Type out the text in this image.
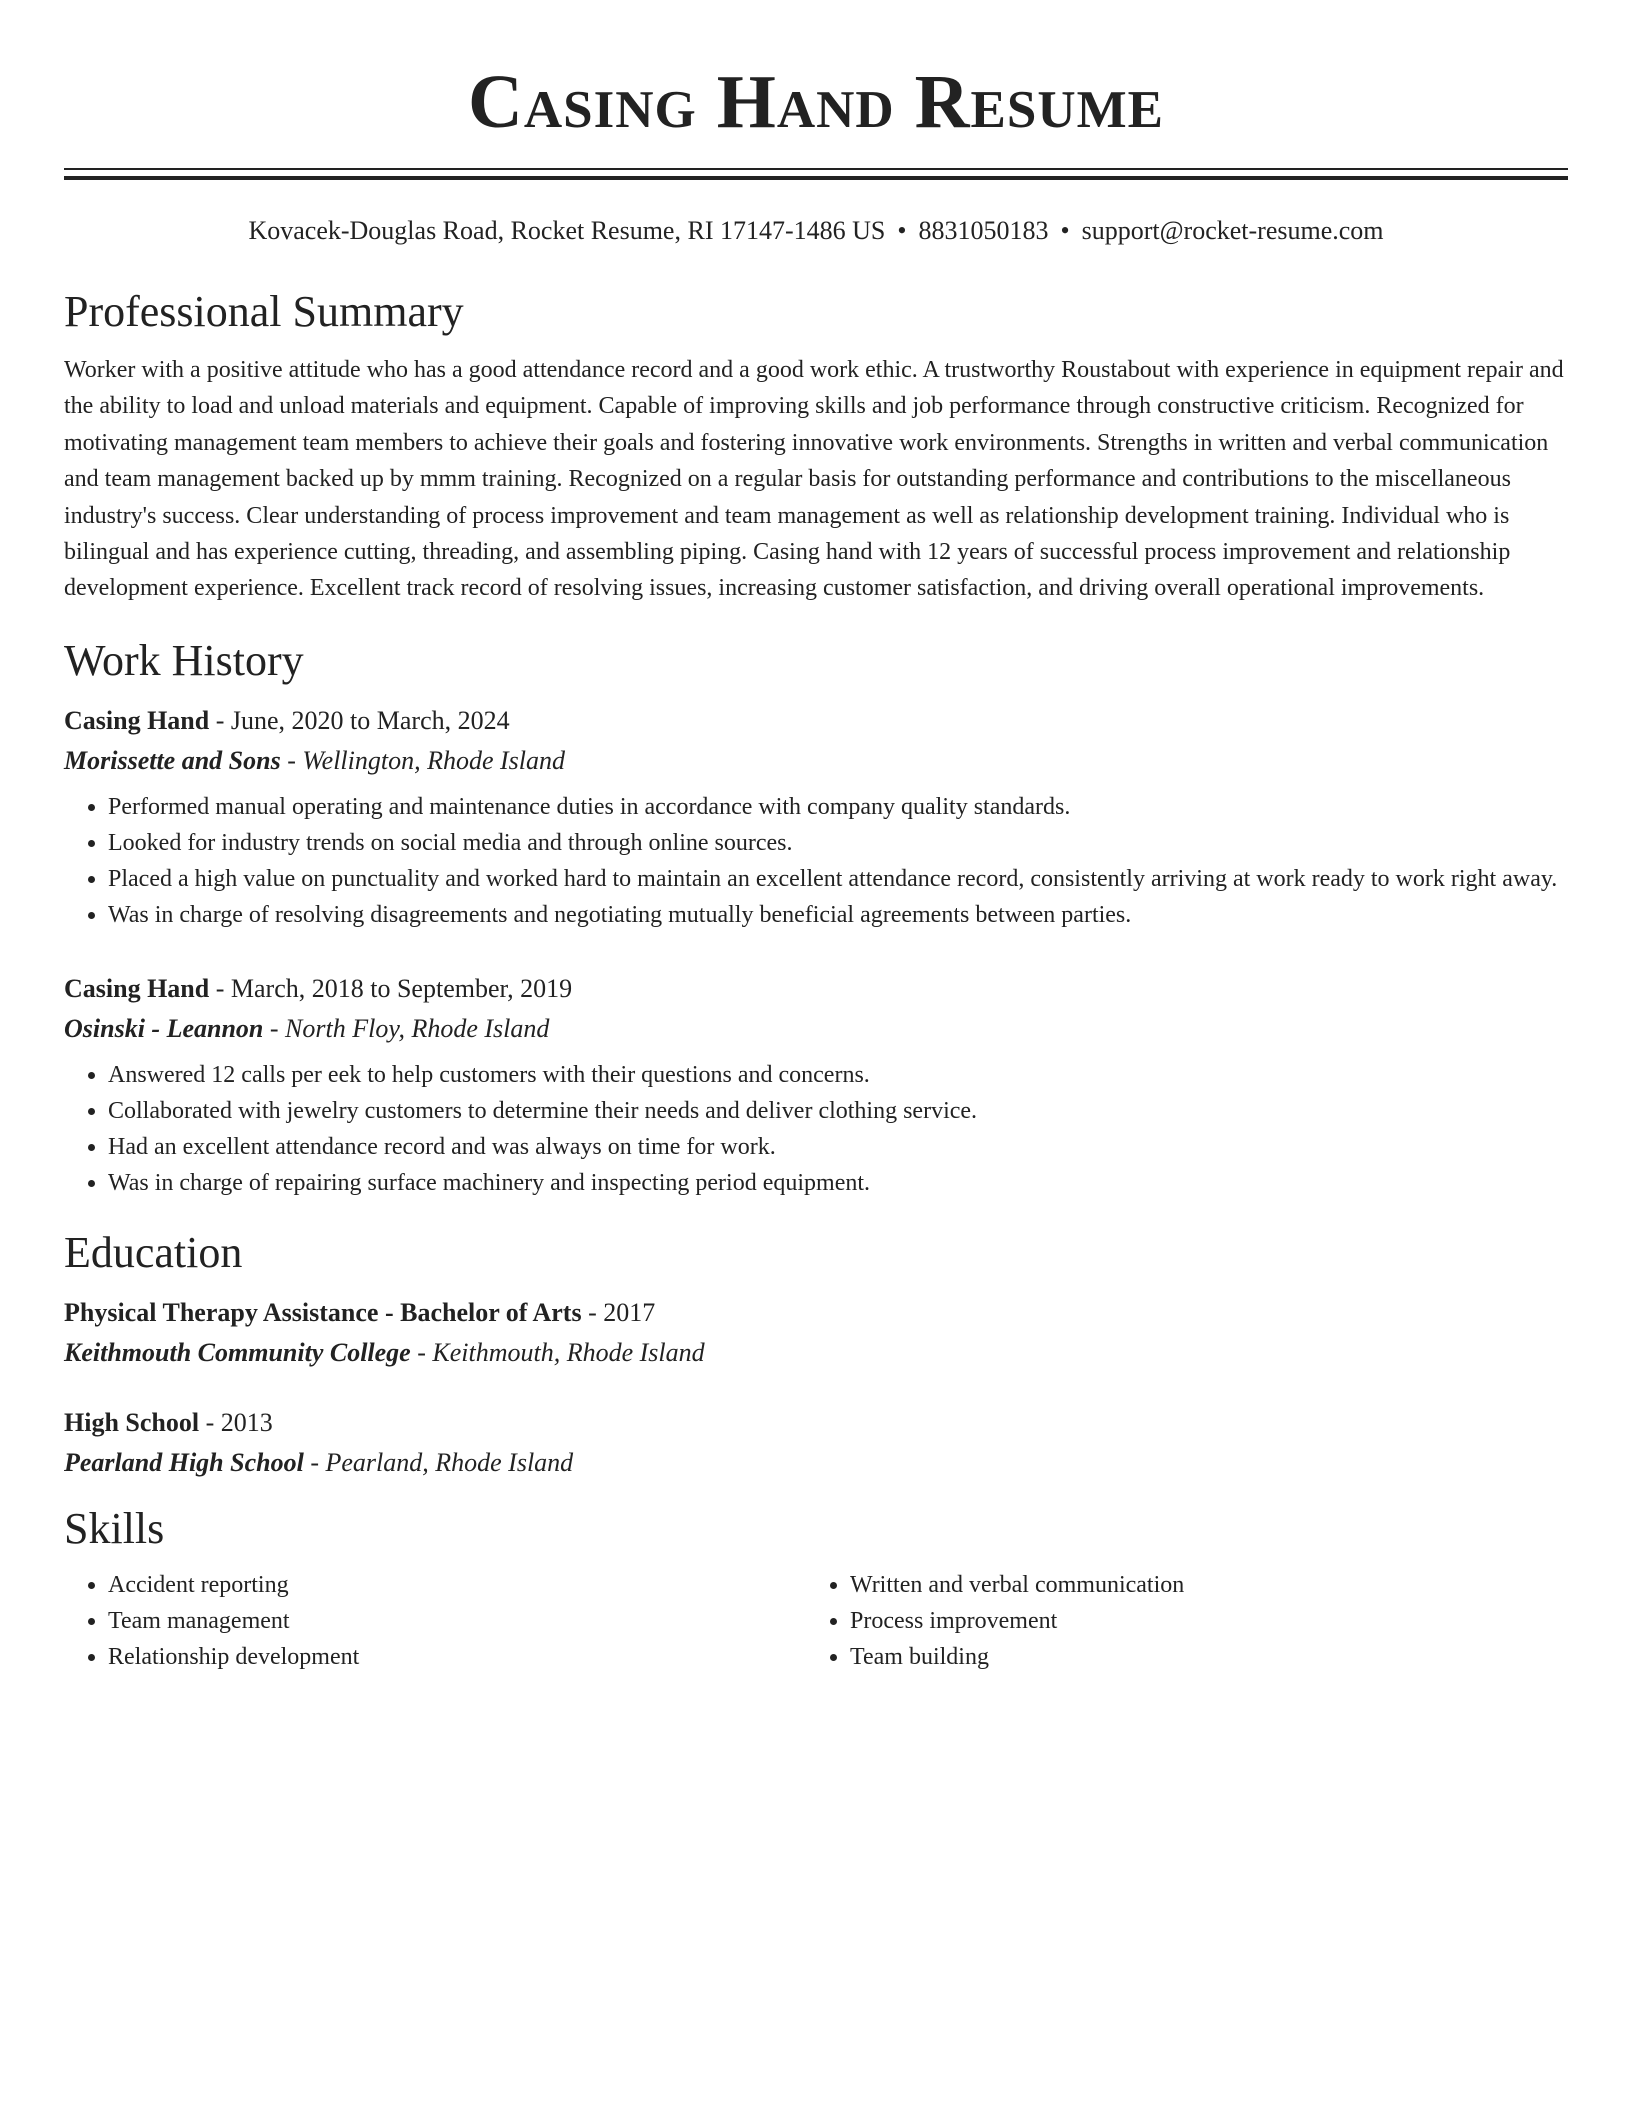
Casing Hand Resume
Kovacek-Douglas Road, Rocket Resume, RI 17147-1486 US • 8831050183 • support@rocket-resume.com
Professional Summary

Worker with a positive attitude who has a good attendance record and a good work ethic. A trustworthy Roustabout with experience in equipment repair and the ability to load and unload materials and equipment. Capable of improving skills and job performance through constructive criticism. Recognized for motivating management team members to achieve their goals and fostering innovative work environments. Strengths in written and verbal communication and team management backed up by mmm training. Recognized on a regular basis for outstanding performance and contributions to the miscellaneous industry's success. Clear understanding of process improvement and team management as well as relationship development training. Individual who is bilingual and has experience cutting, threading, and assembling piping. Casing hand with 12 years of successful process improvement and relationship development experience. Excellent track record of resolving issues, increasing customer satisfaction, and driving overall operational improvements.

Work History
Casing Hand - June, 2020 to March, 2024
Morissette and Sons - Wellington, Rhode Island
• Performed manual operating and maintenance duties in accordance with company quality standards.
• Looked for industry trends on social media and through online sources.
• Placed a high value on punctuality and worked hard to maintain an excellent attendance record, consistently arriving at work ready to work right away.
• Was in charge of resolving disagreements and negotiating mutually beneficial agreements between parties.
Casing Hand - March, 2018 to September, 2019
Osinski - Leannon - North Floy, Rhode Island
• Answered 12 calls per eek to help customers with their questions and concerns.
• Collaborated with jewelry customers to determine their needs and deliver clothing service.
• Had an excellent attendance record and was always on time for work.
• Was in charge of repairing surface machinery and inspecting period equipment.
Education
Physical Therapy Assistance - Bachelor of Arts - 2017
Keithmouth Community College - Keithmouth, Rhode Island
High School - 2013
Pearland High School - Pearland, Rhode Island
Skills
• Accident reporting
• Team management
• Relationship development
• Written and verbal communication
• Process improvement
• Team building
